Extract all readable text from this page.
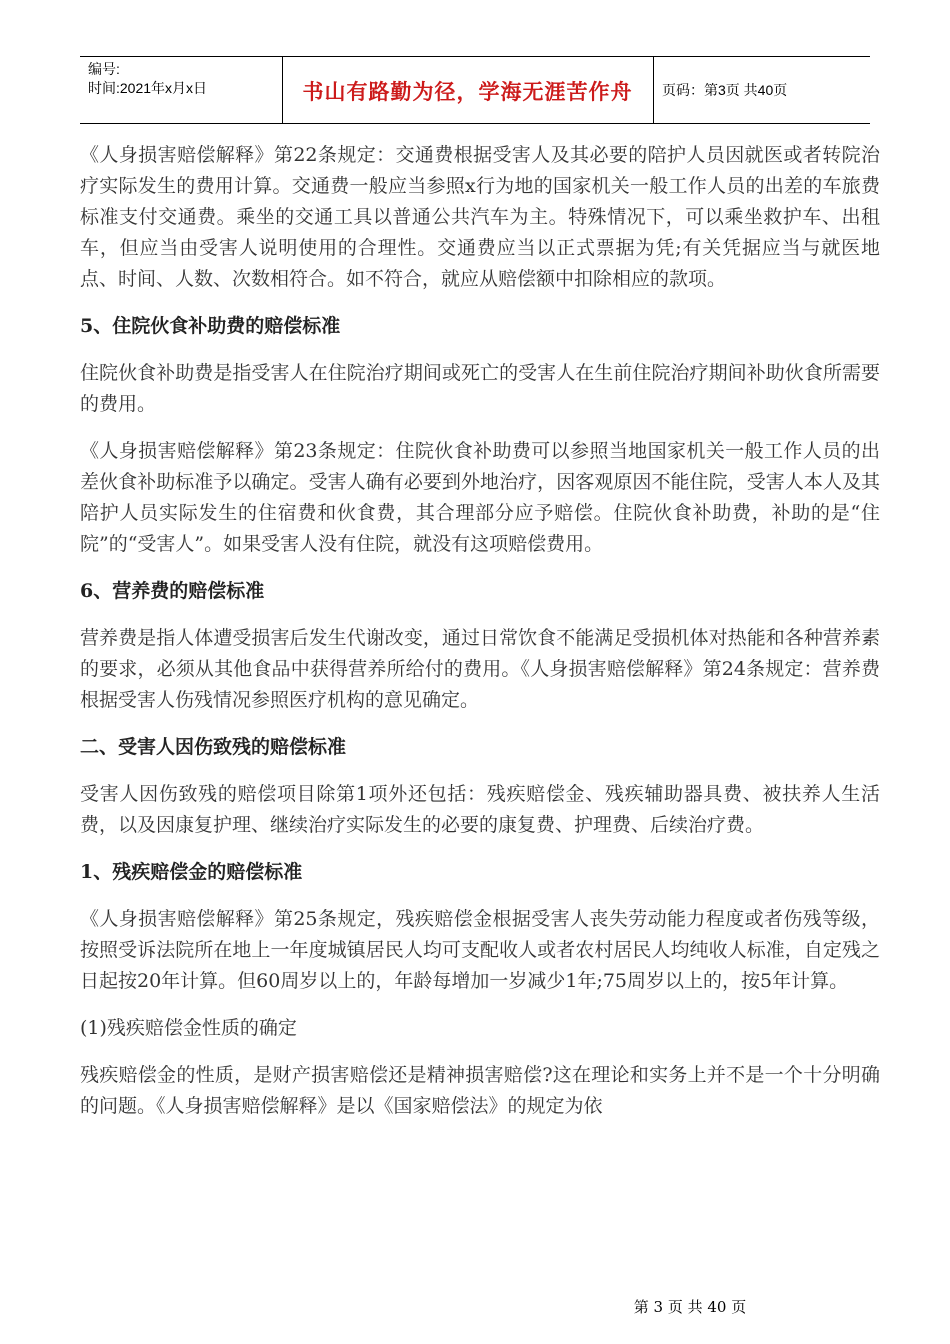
编号:
时间:2021年x月x日	书山有路勤为径，学海无涯苦作舟	页码：第3页 共40页

《人身损害赔偿解释》第22条规定：交通费根据受害人及其必要的陪护人员因就医或者转院治疗实际发生的费用计算。交通费一般应当参照x行为地的国家机关一般工作人员的出差的车旅费标准支付交通费。乘坐的交通工具以普通公共汽车为主。特殊情况下，可以乘坐救护车、出租车，但应当由受害人说明使用的合理性。交通费应当以正式票据为凭;有关凭据应当与就医地点、时间、人数、次数相符合。如不符合，就应从赔偿额中扣除相应的款项。

5、住院伙食补助费的赔偿标准

住院伙食补助费是指受害人在住院治疗期间或死亡的受害人在生前住院治疗期间补助伙食所需要的费用。

《人身损害赔偿解释》第23条规定：住院伙食补助费可以参照当地国家机关一般工作人员的出差伙食补助标准予以确定。受害人确有必要到外地治疗，因客观原因不能住院，受害人本人及其陪护人员实际发生的住宿费和伙食费，其合理部分应予赔偿。住院伙食补助费，补助的是“住院”的“受害人”。如果受害人没有住院，就没有这项赔偿费用。

6、营养费的赔偿标准

营养费是指人体遭受损害后发生代谢改变，通过日常饮食不能满足受损机体对热能和各种营养素的要求，必须从其他食品中获得营养所给付的费用。《人身损害赔偿解释》第24条规定：营养费根据受害人伤残情况参照医疗机构的意见确定。

二、受害人因伤致残的赔偿标准

受害人因伤致残的赔偿项目除第1项外还包括：残疾赔偿金、残疾辅助器具费、被扶养人生活费，以及因康复护理、继续治疗实际发生的必要的康复费、护理费、后续治疗费。

1、残疾赔偿金的赔偿标准

《人身损害赔偿解释》第25条规定，残疾赔偿金根据受害人丧失劳动能力程度或者伤残等级，按照受诉法院所在地上一年度城镇居民人均可支配收人或者农村居民人均纯收人标准，自定残之日起按20年计算。但60周岁以上的，年龄每增加一岁减少1年;75周岁以上的，按5年计算。

(1)残疾赔偿金性质的确定

残疾赔偿金的性质，是财产损害赔偿还是精神损害赔偿?这在理论和实务上并不是一个十分明确的问题。《人身损害赔偿解释》是以《国家赔偿法》的规定为依

第 3 页 共 40 页
